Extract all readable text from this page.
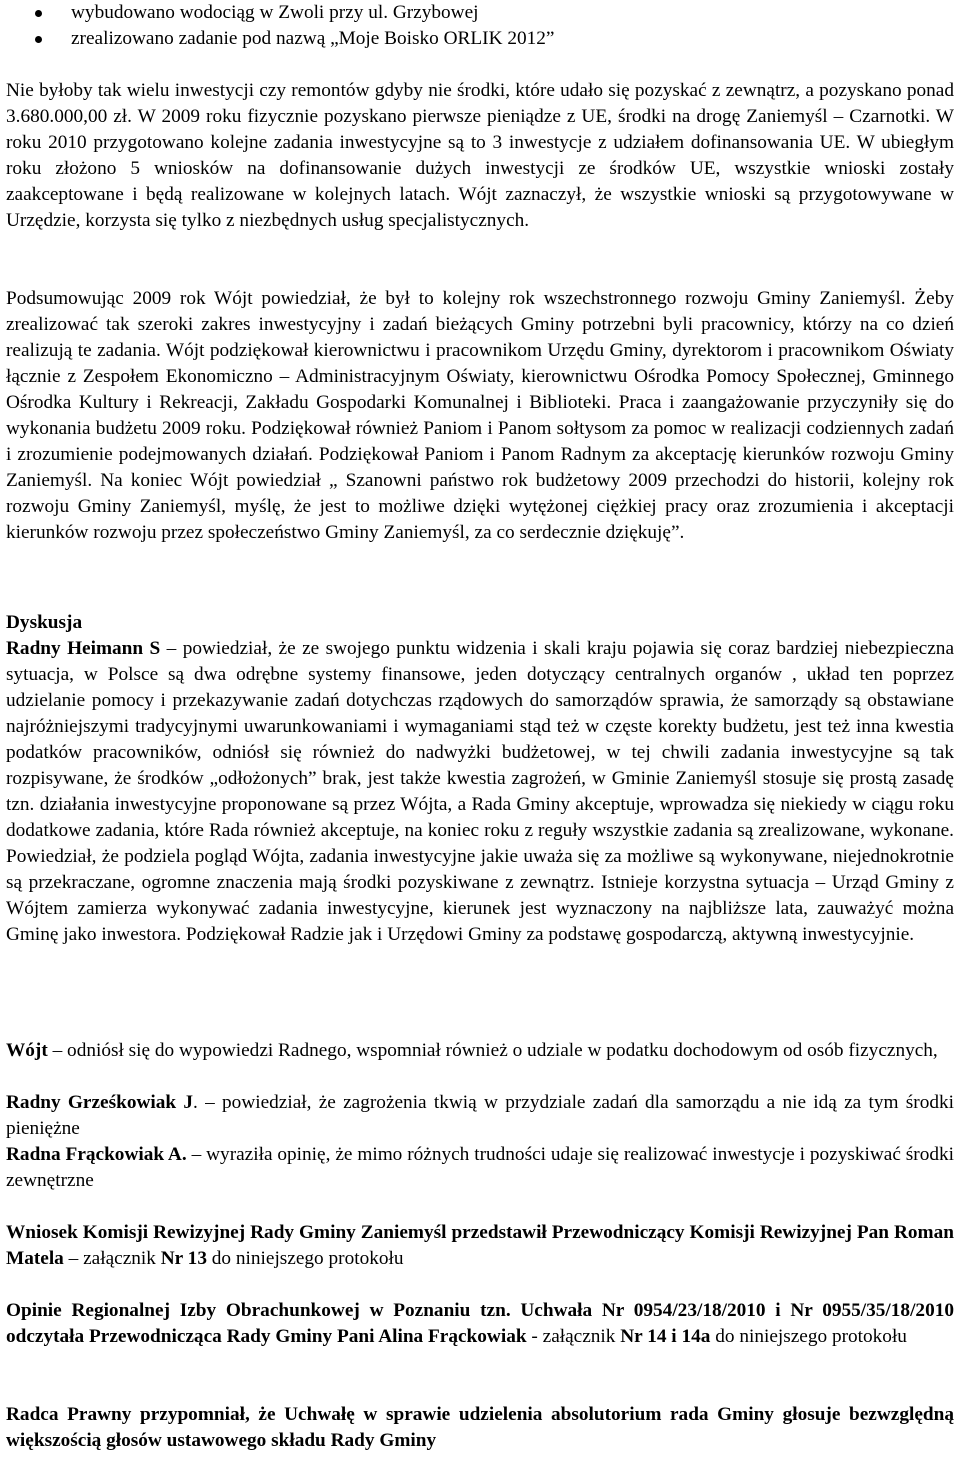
wybudowano wodociąg w Zwoli przy ul. Grzybowej
zrealizowano zadanie pod nazwą „Moje Boisko ORLIK 2012”

Nie byłoby tak wielu inwestycji czy remontów gdyby nie środki, które udało się pozyskać z zewnątrz, a pozyskano ponad 3.680.000,00 zł. W 2009 roku fizycznie pozyskano pierwsze pieniądze z UE, środki na drogę Zaniemyśl – Czarnotki. W roku 2010 przygotowano kolejne zadania inwestycyjne są to 3 inwestycje z udziałem dofinansowania UE. W ubiegłym roku złożono 5 wniosków na dofinansowanie dużych inwestycji ze środków UE, wszystkie wnioski zostały zaakceptowane i będą realizowane w kolejnych latach. Wójt zaznaczył, że wszystkie wnioski są przygotowywane w Urzędzie, korzysta się tylko z niezbędnych usług specjalistycznych.

Podsumowując 2009 rok Wójt powiedział, że był to kolejny rok wszechstronnego rozwoju Gminy Zaniemyśl. Żeby zrealizować tak szeroki zakres inwestycyjny i zadań bieżących Gminy potrzebni byli pracownicy, którzy na co dzień realizują te zadania. Wójt podziękował kierownictwu i pracownikom Urzędu Gminy, dyrektorom i pracownikom Oświaty łącznie z Zespołem Ekonomiczno – Administracyjnym Oświaty, kierownictwu Ośrodka Pomocy Społecznej, Gminnego Ośrodka Kultury i Rekreacji, Zakładu Gospodarki Komunalnej i Biblioteki. Praca i zaangażowanie przyczyniły się do wykonania budżetu 2009 roku. Podziękował również Paniom i Panom sołtysom za pomoc w realizacji codziennych zadań i zrozumienie podejmowanych działań. Podziękował Paniom i Panom Radnym za akceptację kierunków rozwoju Gminy Zaniemyśl. Na koniec Wójt powiedział „ Szanowni państwo rok budżetowy 2009 przechodzi do historii, kolejny rok rozwoju Gminy Zaniemyśl, myślę, że jest to możliwe dzięki wytężonej ciężkiej pracy oraz zrozumienia i akceptacji kierunków rozwoju przez społeczeństwo Gminy Zaniemyśl, za co serdecznie dziękuję”.

Dyskusja

Radny Heimann S – powiedział, że ze swojego punktu widzenia i skali kraju pojawia się coraz bardziej niebezpieczna sytuacja, w Polsce są dwa odrębne systemy finansowe, jeden dotyczący centralnych organów , układ ten poprzez udzielanie pomocy i przekazywanie zadań dotychczas rządowych do samorządów sprawia, że samorządy są obstawiane najróżniejszymi tradycyjnymi uwarunkowaniami i wymaganiami stąd też w częste korekty budżetu, jest też inna kwestia podatków pracowników, odniósł się również do nadwyżki budżetowej, w tej chwili zadania inwestycyjne są tak rozpisywane, że środków „odłożonych” brak, jest także kwestia zagrożeń, w Gminie Zaniemyśl stosuje się prostą zasadę tzn. działania inwestycyjne proponowane są przez Wójta, a Rada Gminy akceptuje, wprowadza się niekiedy w ciągu roku dodatkowe zadania, które Rada również akceptuje, na koniec roku z reguły wszystkie zadania są zrealizowane, wykonane. Powiedział, że podziela pogląd Wójta, zadania inwestycyjne jakie uważa się za możliwe są wykonywane, niejednokrotnie są przekraczane, ogromne znaczenia mają środki pozyskiwane z zewnątrz. Istnieje korzystna sytuacja – Urząd Gminy z Wójtem zamierza wykonywać zadania inwestycyjne, kierunek jest wyznaczony na najbliższe lata, zauważyć można Gminę jako inwestora. Podziękował Radzie jak i Urzędowi Gminy za podstawę gospodarczą, aktywną inwestycyjnie.

Wójt – odniósł się do wypowiedzi Radnego, wspomniał również o udziale w podatku dochodowym od osób fizycznych,

Radny Grześkowiak J. – powiedział, że zagrożenia tkwią w przydziale zadań dla samorządu a nie idą za tym środki pieniężne

Radna Frąckowiak A. – wyraziła opinię, że mimo różnych trudności udaje się realizować inwestycje i pozyskiwać środki zewnętrzne

Wniosek Komisji Rewizyjnej Rady Gminy Zaniemyśl przedstawił Przewodniczący Komisji Rewizyjnej Pan Roman Matela – załącznik Nr 13 do niniejszego protokołu

Opinie Regionalnej Izby Obrachunkowej w Poznaniu tzn. Uchwała Nr 0954/23/18/2010 i Nr 0955/35/18/2010 odczytała Przewodnicząca Rady Gminy Pani Alina Frąckowiak - załącznik Nr 14 i 14a do niniejszego protokołu

Radca Prawny przypomniał, że Uchwałę w sprawie udzielenia absolutorium rada Gminy głosuje bezwzględną większością głosów ustawowego składu Rady Gminy
